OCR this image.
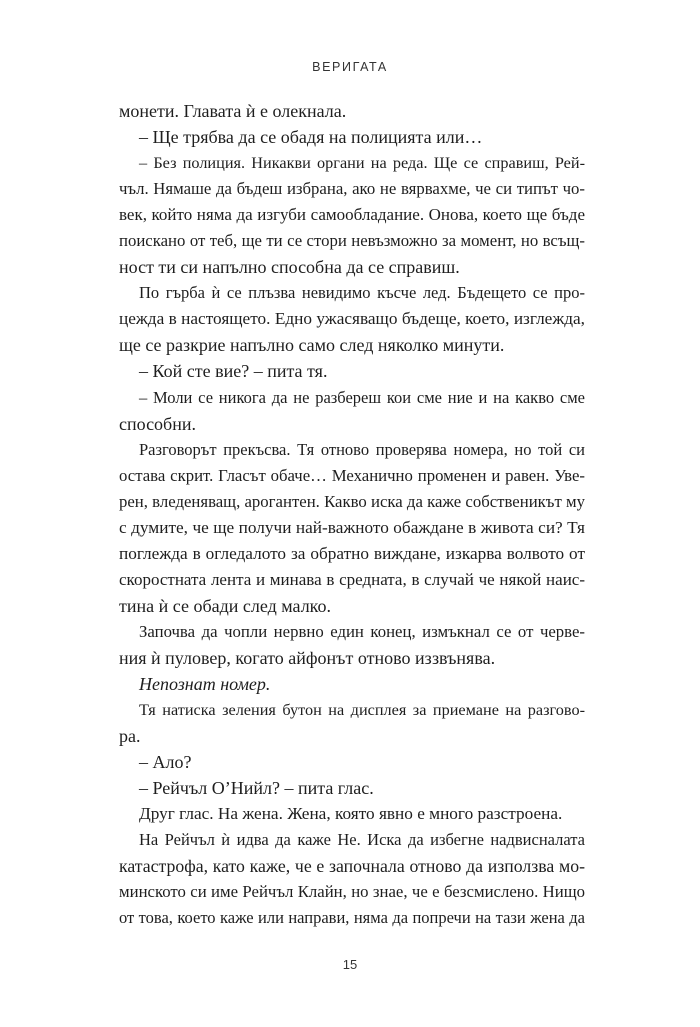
ВЕРИГАТА
монети. Главата ѝ е олекнала.
– Ще трябва да се обадя на полицията или…
– Без полиция. Никакви органи на реда. Ще се справиш, Рей-
чъл. Нямаше да бъдеш избрана, ако не вярвахме, че си типът чо-
век, който няма да изгуби самообладание. Онова, което ще бъде
поискано от теб, ще ти се стори невъзможно за момент, но всъщ-
ност ти си напълно способна да се справиш.
По гърба ѝ се плъзва невидимо късче лед. Бъдещето се про-
цежда в настоящето. Едно ужасяващо бъдеще, което, изглежда,
ще се разкрие напълно само след няколко минути.
– Кой сте вие? – пита тя.
– Моли се никога да не разбереш кои сме ние и на какво сме
способни.
Разговорът прекъсва. Тя отново проверява номера, но той си
остава скрит. Гласът обаче… Механично променен и равен. Уве-
рен, вледеняващ, арогантен. Какво иска да каже собственикът му
с думите, че ще получи най-важното обаждане в живота си? Тя
поглежда в огледалото за обратно виждане, изкарва волвото от
скоростната лента и минава в средната, в случай че някой наис-
тина ѝ се обади след малко.
Започва да чопли нервно един конец, измъкнал се от черве-
ния ѝ пуловер, когато айфонът отново иззвънява.
Непознат номер.
Тя натиска зеления бутон на дисплея за приемане на разгово-
ра.
– Ало?
– Рейчъл О’Нийл? – пита глас.
Друг глас. На жена. Жена, която явно е много разстроена.
На Рейчъл ѝ идва да каже Не. Иска да избегне надвисналата
катастрофа, като каже, че е започнала отново да използва мо-
минското си име Рейчъл Клайн, но знае, че е безсмислено. Нищо
от това, което каже или направи, няма да попречи на тази жена да
15
